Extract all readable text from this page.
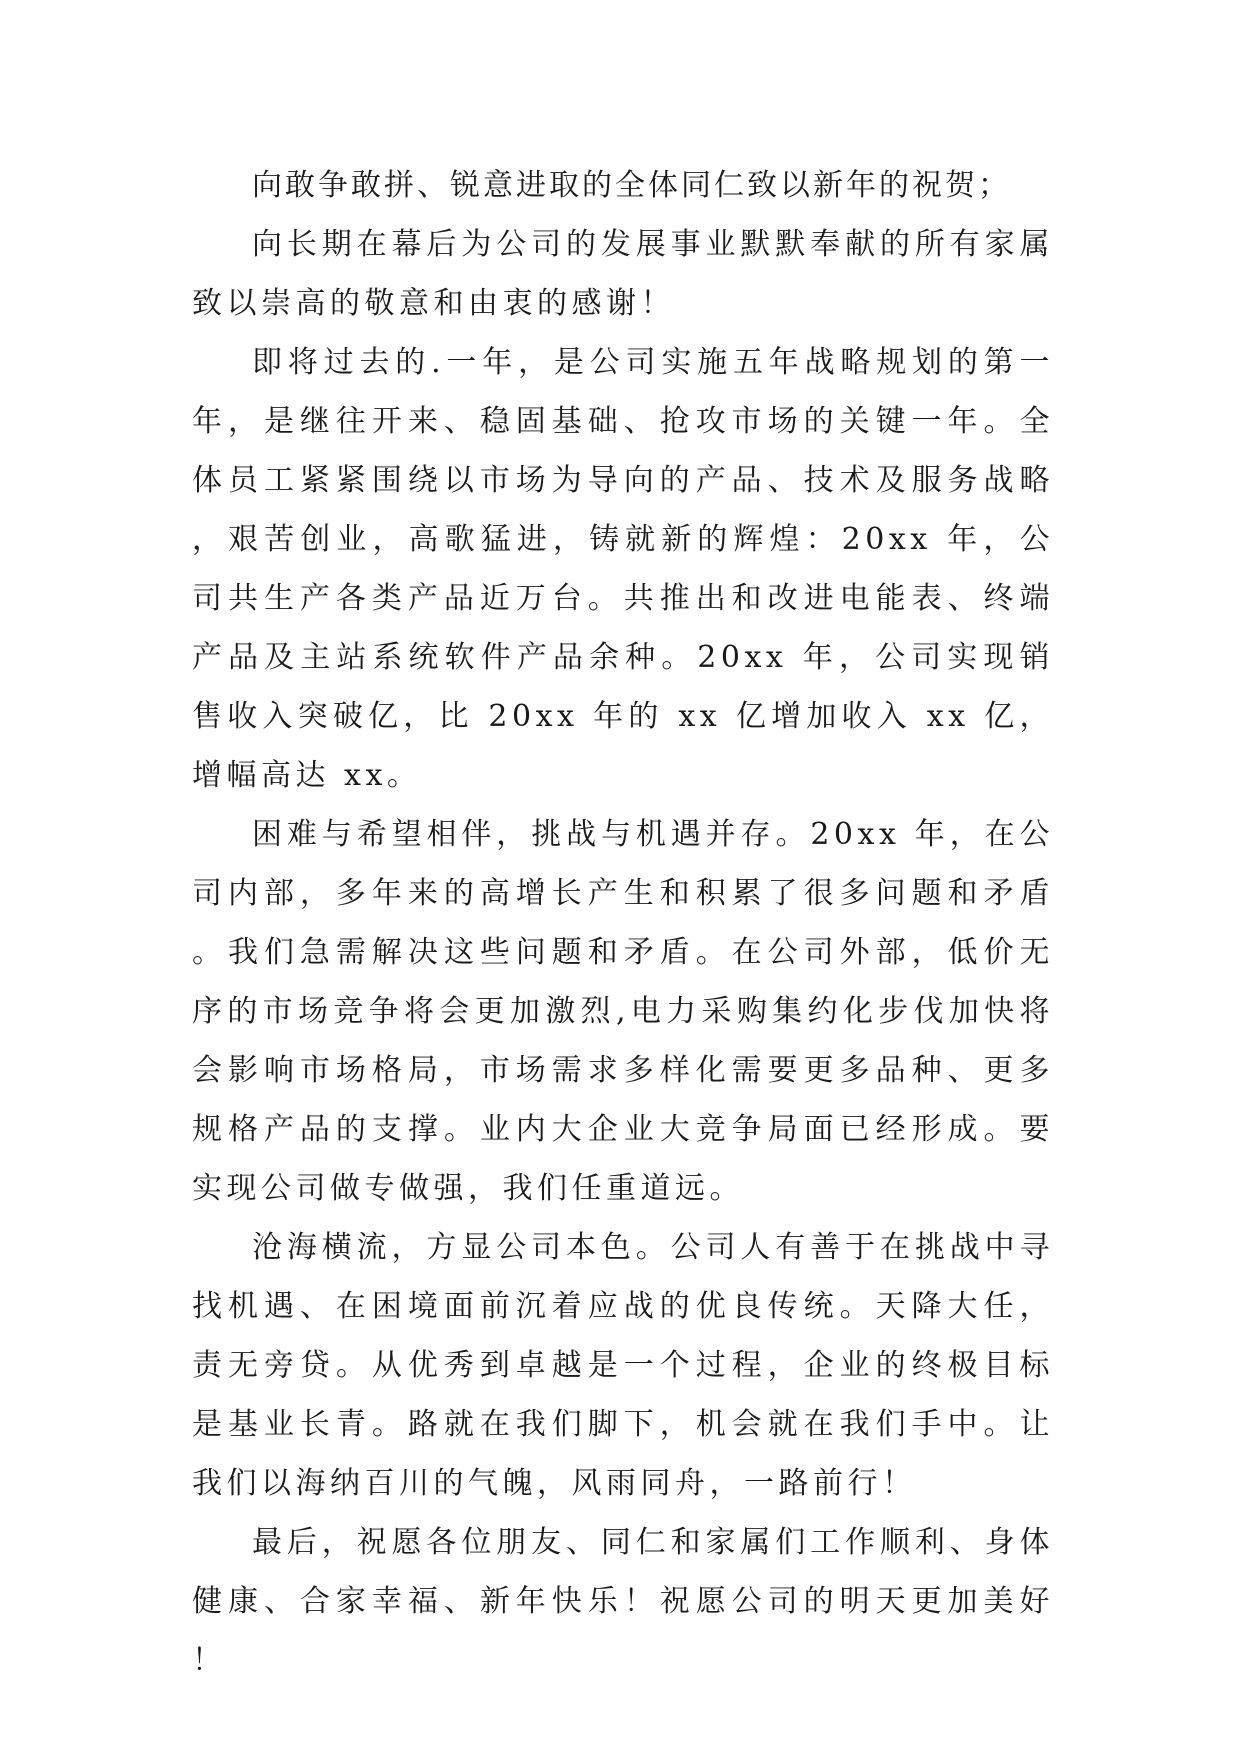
向敢争敢拼、锐意进取的全体同仁致以新年的祝贺；

向长期在幕后为公司的发展事业默默奉献的所有家属致以崇高的敬意和由衷的感谢！

即将过去的.一年，是公司实施五年战略规划的第一年，是继往开来、稳固基础、抢攻市场的关键一年。全体员工紧紧围绕以市场为导向的产品、技术及服务战略，艰苦创业，高歌猛进，铸就新的辉煌：20xx 年，公司共生产各类产品近万台。共推出和改进电能表、终端产品及主站系统软件产品余种。20xx 年，公司实现销售收入突破亿，比 20xx 年的 xx 亿增加收入 xx 亿，增幅高达 xx。

困难与希望相伴，挑战与机遇并存。20xx 年，在公司内部，多年来的高增长产生和积累了很多问题和矛盾。我们急需解决这些问题和矛盾。在公司外部，低价无序的市场竞争将会更加激烈,电力采购集约化步伐加快将会影响市场格局，市场需求多样化需要更多品种、更多规格产品的支撑。业内大企业大竞争局面已经形成。要实现公司做专做强，我们任重道远。

沧海横流，方显公司本色。公司人有善于在挑战中寻找机遇、在困境面前沉着应战的优良传统。天降大任，责无旁贷。从优秀到卓越是一个过程，企业的终极目标是基业长青。路就在我们脚下，机会就在我们手中。让我们以海纳百川的气魄，风雨同舟，一路前行！

最后，祝愿各位朋友、同仁和家属们工作顺利、身体健康、合家幸福、新年快乐！祝愿公司的明天更加美好！
